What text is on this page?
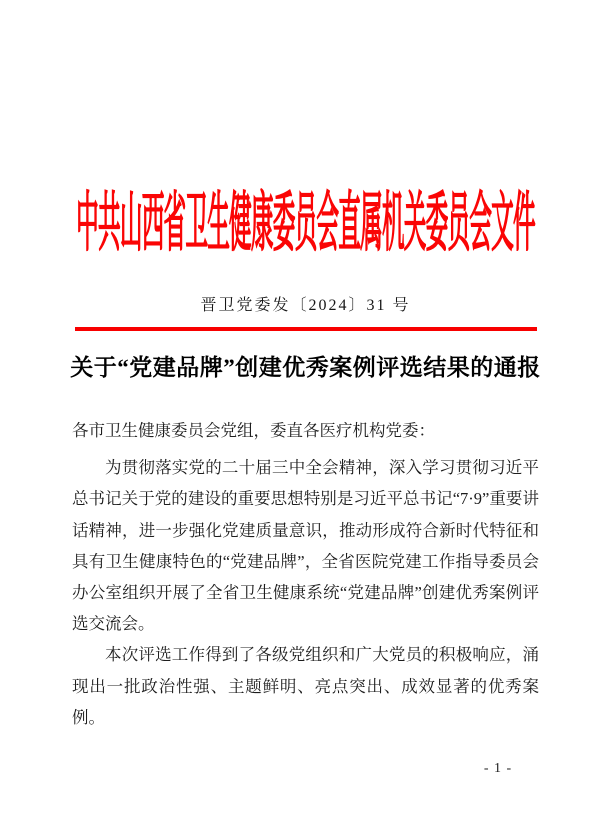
中共山西省卫生健康委员会直属机关委员会文件
晋卫党委发〔2024〕31 号
关于“党建品牌”创建优秀案例评选结果的通报

各市卫生健康委员会党组，委直各医疗机构党委：

为贯彻落实党的二十届三中全会精神，深入学习贯彻习近平总书记关于党的建设的重要思想特别是习近平总书记“7·9”重要讲话精神，进一步强化党建质量意识，推动形成符合新时代特征和具有卫生健康特色的“党建品牌”，全省医院党建工作指导委员会办公室组织开展了全省卫生健康系统“党建品牌”创建优秀案例评选交流会。

本次评选工作得到了各级党组织和广大党员的积极响应，涌现出一批政治性强、主题鲜明、亮点突出、成效显著的优秀案例。

- 1 -
